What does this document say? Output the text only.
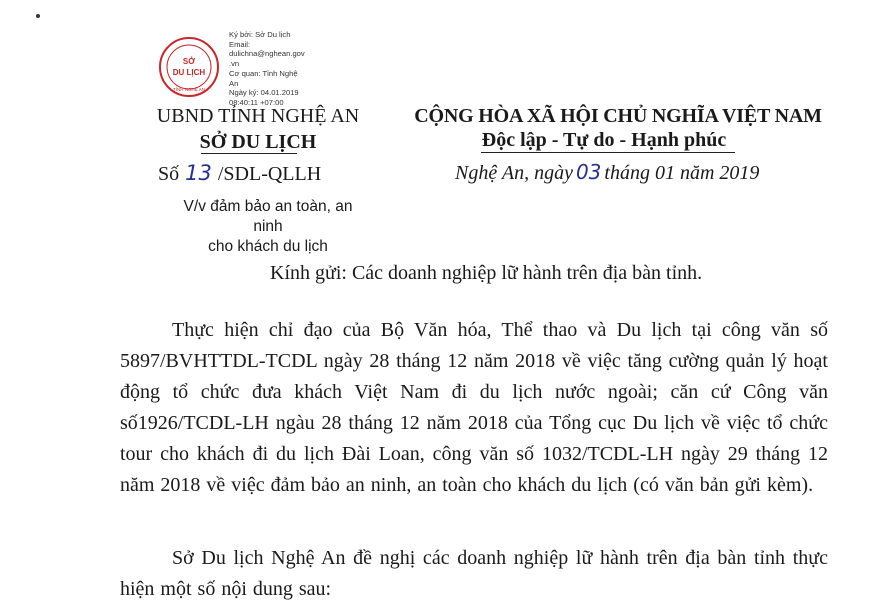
SỞ
DU LỊCH
TỈNH NGHỆ AN
Ký bởi: Sở Du lịch
Email:
dulichna@nghean.gov
.vn
Cơ quan: Tỉnh Nghệ
An
Ngày ký: 04.01.2019
08:40:11 +07:00
UBND TỈNH NGHỆ AN
SỞ DU LỊCH
Số 13 /SDL-QLLH
V/v đảm bảo an toàn, an ninh
cho khách du lịch
CỘNG HÒA XÃ HỘI CHỦ NGHĨA VIỆT NAM
Độc lập - Tự do - Hạnh phúc
Nghệ An, ngày 03 tháng 01 năm 2019
Kính gửi: Các doanh nghiệp lữ hành trên địa bàn tỉnh.
Thực hiện chỉ đạo của Bộ Văn hóa, Thể thao và Du lịch tại công văn số 5897/BVHTTDL-TCDL ngày 28 tháng 12 năm 2018 về việc tăng cường quản lý hoạt động tổ chức đưa khách Việt Nam đi du lịch nước ngoài; căn cứ Công văn số1926/TCDL-LH ngàu 28 tháng 12 năm 2018 của Tổng cục Du lịch về việc tổ chức tour cho khách đi du lịch Đài Loan, công văn số 1032/TCDL-LH ngày 29 tháng 12 năm 2018 về việc đảm bảo an ninh, an toàn cho khách du lịch (có văn bản gửi kèm).
Sở Du lịch Nghệ An đề nghị các doanh nghiệp lữ hành trên địa bàn tỉnh thực hiện một số nội dung sau:
